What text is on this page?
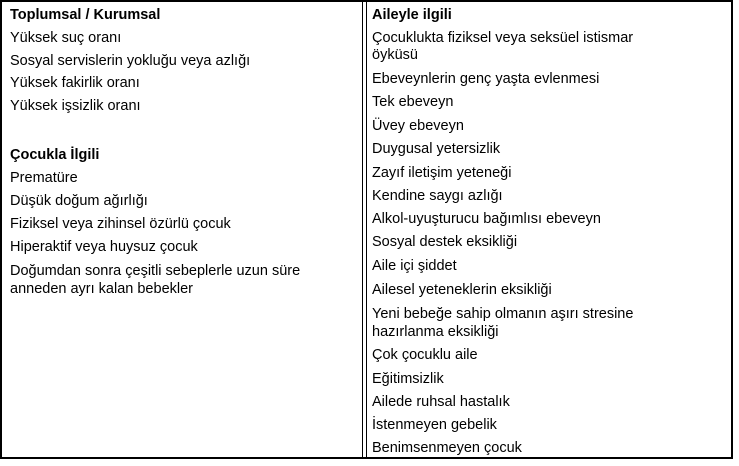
Toplumsal / Kurumsal
Yüksek suç oranı
Sosyal servislerin yokluğu veya azlığı
Yüksek fakirlik oranı
Yüksek işsizlik oranı
Çocukla İlgili
Prematüre
Düşük doğum ağırlığı
Fiziksel veya zihinsel özürlü çocuk
Hiperaktif veya huysuz çocuk
Doğumdan sonra çeşitli sebeplerle uzun süre
anneden ayrı kalan bebekler
Aileyle ilgili
Çocuklukta fiziksel veya seksüel istismar
öyküsü
Ebeveynlerin genç yaşta evlenmesi
Tek ebeveyn
Üvey ebeveyn
Duygusal yetersizlik
Zayıf iletişim yeteneği
Kendine saygı azlığı
Alkol-uyuşturucu bağımlısı ebeveyn
Sosyal destek eksikliği
Aile içi şiddet
Ailesel yeteneklerin eksikliği
Yeni bebeğe sahip olmanın aşırı stresine
hazırlanma eksikliği
Çok çocuklu aile
Eğitimsizlik
Ailede ruhsal hastalık
İstenmeyen gebelik
Benimsenmeyen çocuk
